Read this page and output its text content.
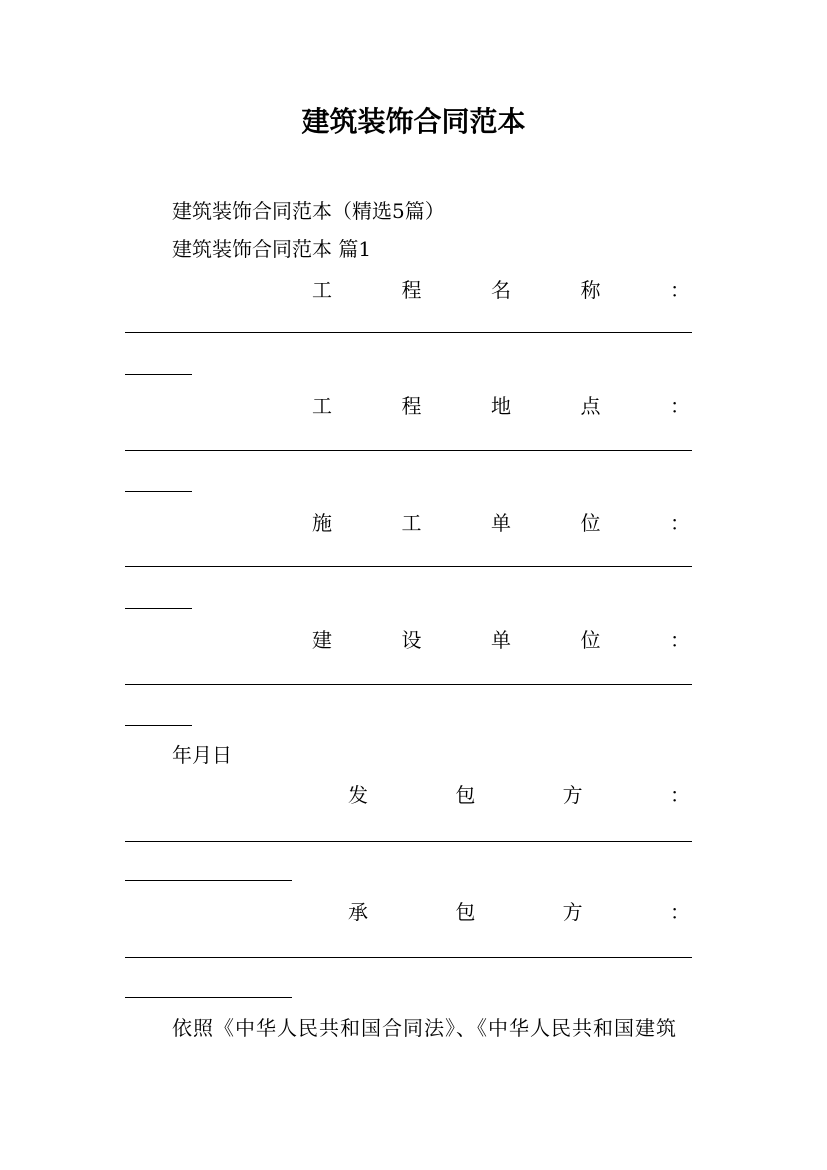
建筑装饰合同范本
建筑装饰合同范本（精选5篇）
建筑装饰合同范本 篇1
工	程	名	称	：
工	程	地	点	：
施	工	单	位	：
建	设	单	位	：
年月日
发	包	方	：
承	包	方	：
依照《中华人民共和国合同法》、《中华人民共和国建筑
